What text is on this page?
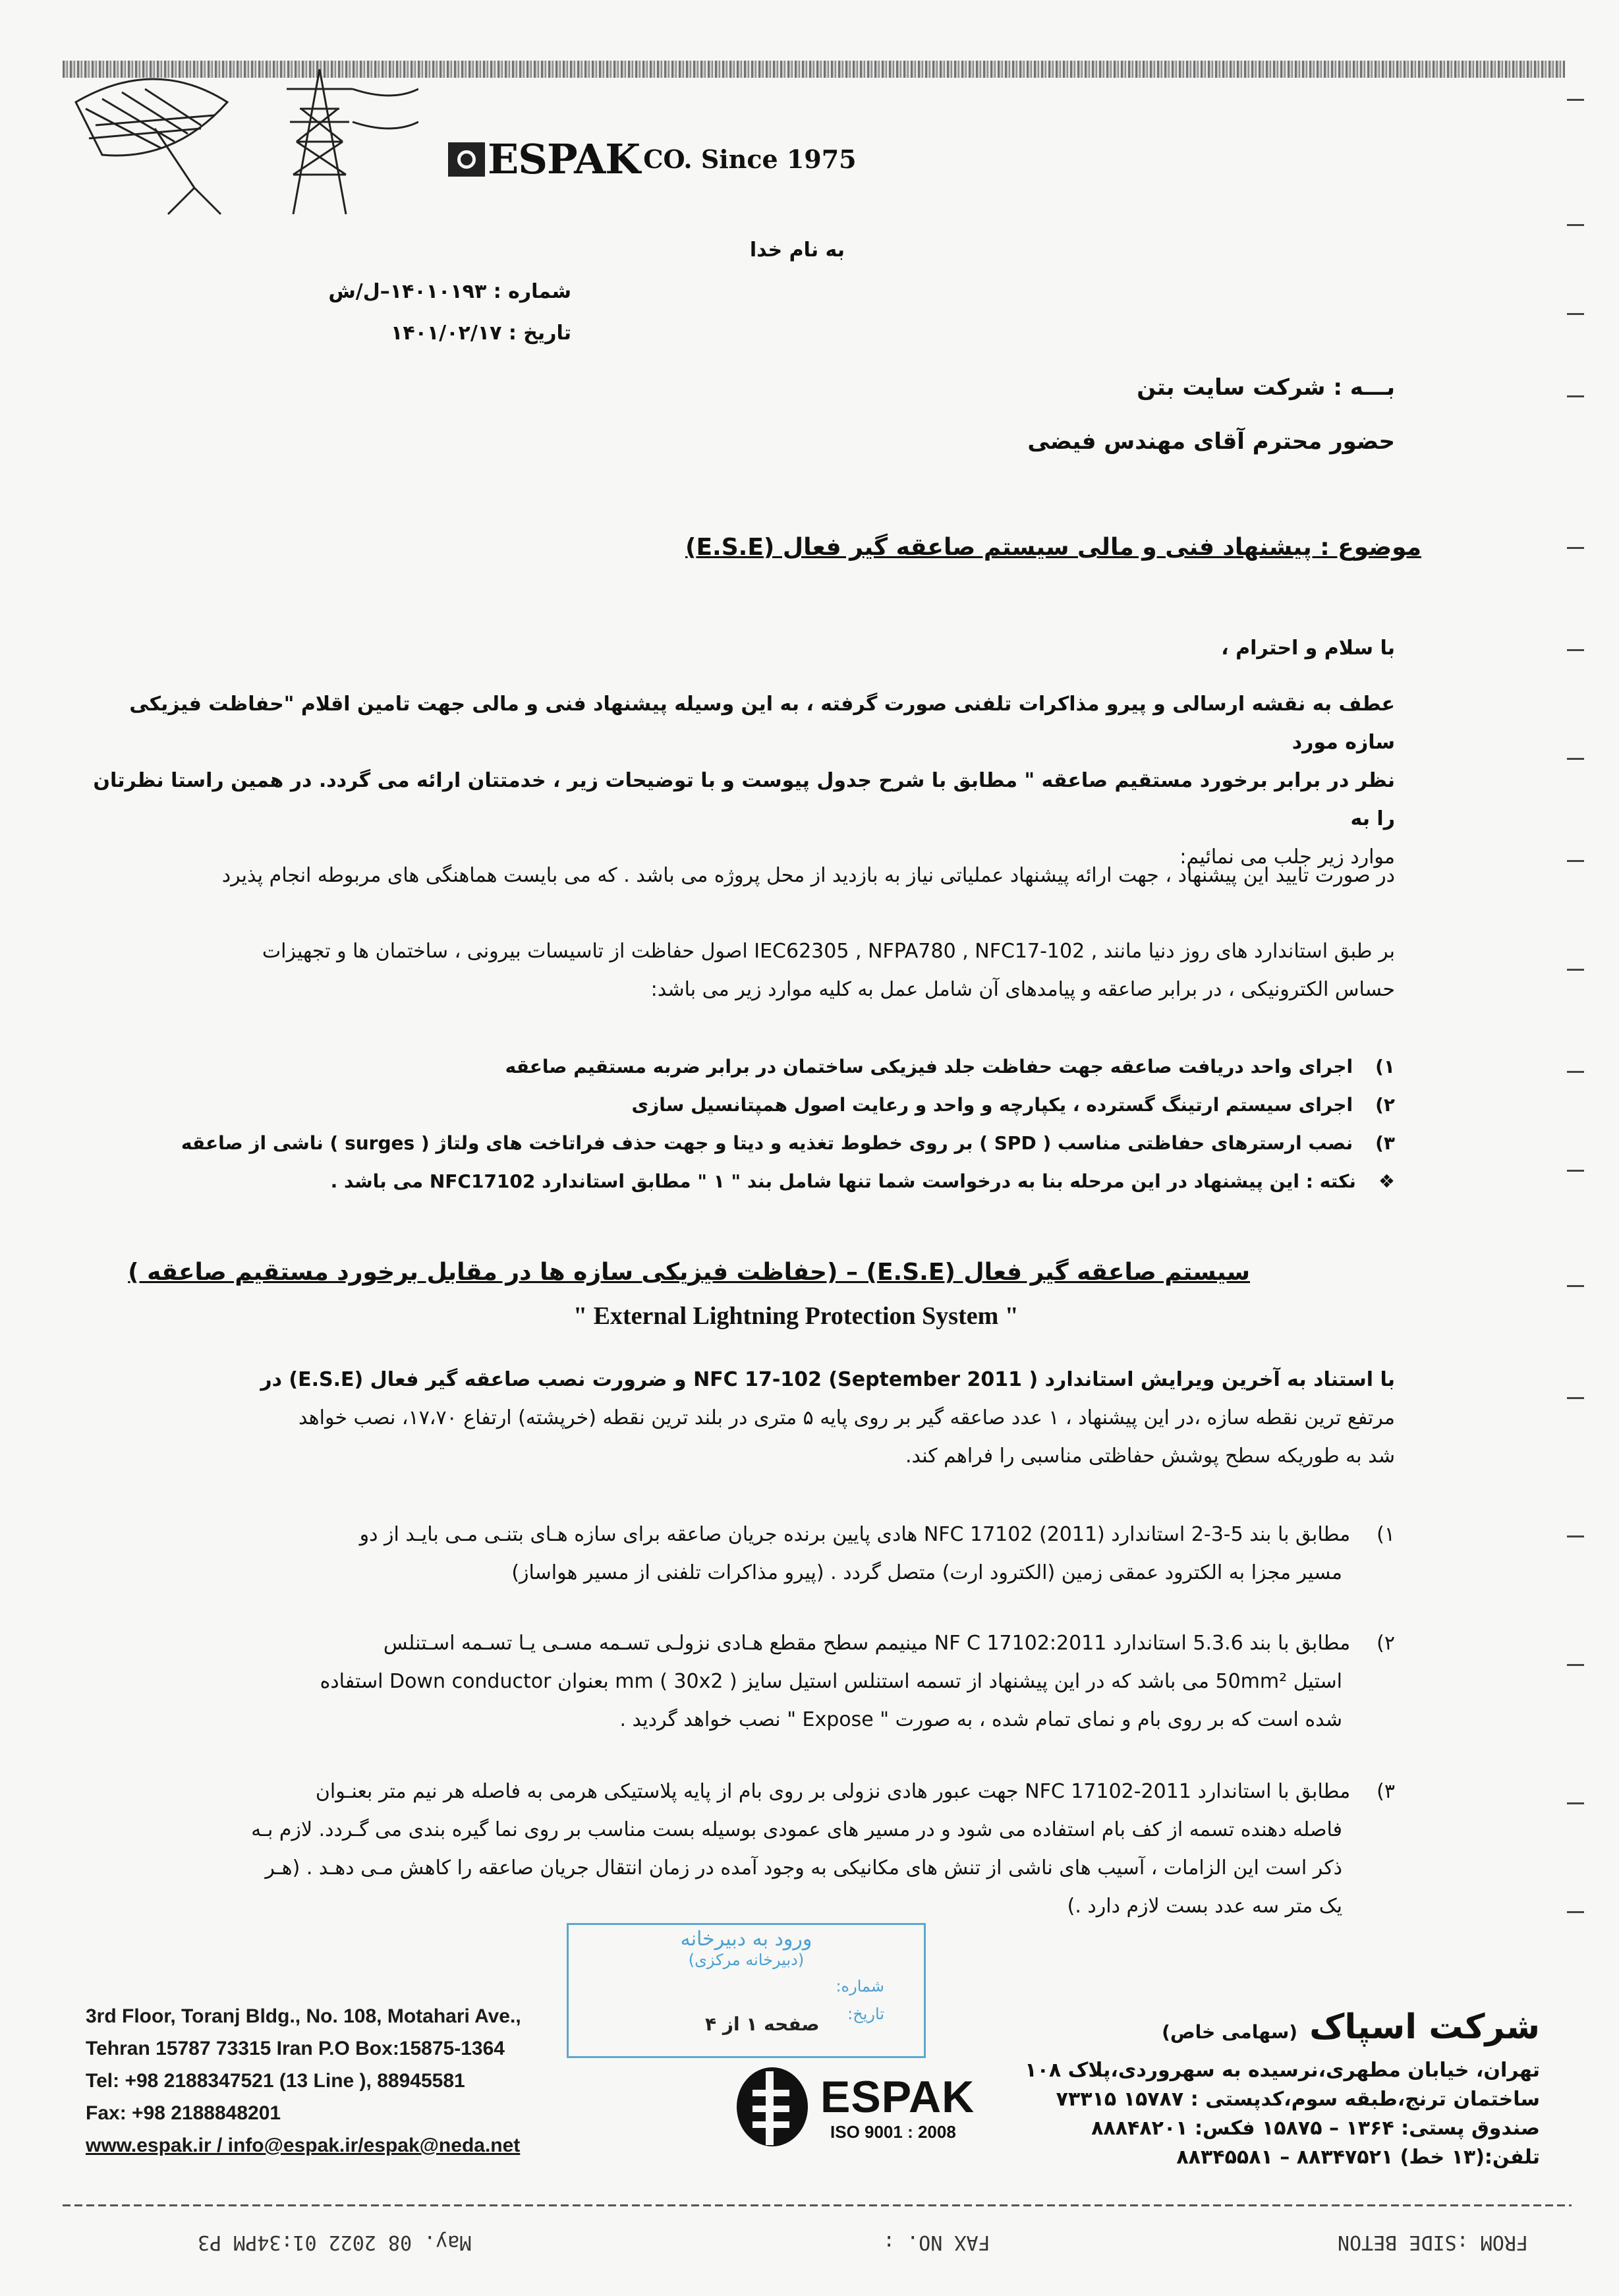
ESPAK CO. Since 1975
به نام خدا
شماره : ۱۴۰۱۰۱۹۳–ل/ش
تاریخ : ۱۴۰۱/۰۲/۱۷
بـــه : شرکت سایت بتن
حضور محترم آقای مهندس فیضی
موضوع : پیشنهاد فنی و مالی سیستم صاعقه گیر فعال (E.S.E)
با سلام و احترام ،
عطف به نقشه ارسالی و پیرو مذاکرات تلفنی صورت گرفته ، به این وسیله پیشنهاد فنی و مالی جهت تامین اقلام "حفاظت فیزیکی سازه مورد
نظر در برابر برخورد مستقیم صاعقه " مطابق با شرح جدول پیوست و با توضیحات زیر ، خدمتتان ارائه می گردد. در همین راستا نظرتان را به
موارد زیر جلب می نمائیم:
در صورت تایید این پیشنهاد ، جهت ارائه پیشنهاد عملیاتی نیاز به بازدید از محل پروژه می باشد . که می بایست هماهنگی های مربوطه انجام پذیرد
بر طبق استاندارد های روز دنیا مانند , IEC62305 , NFPA780 , NFC17-102 اصول حفاظت از تاسیسات بیرونی ، ساختمان ها و تجهیزات
حساس الکترونیکی ، در برابر صاعقه و پیامدهای آن شامل عمل به کلیه موارد زیر می باشد:
۱)اجرای واحد دریافت صاعقه جهت حفاظت جلد فیزیکی ساختمان در برابر ضربه مستقیم صاعقه
۲)اجرای سیستم ارتینگ گسترده ، یکپارچه و واحد و رعایت اصول همپتانسیل سازی
۳)نصب ارسترهای حفاظتی مناسب ( SPD ) بر روی خطوط تغذیه و دیتا و جهت حذف فراتاخت های ولتاژ ( surges ) ناشی از صاعقه
❖نکته : این پیشنهاد در این مرحله بنا به درخواست شما تنها شامل بند " ۱ " مطابق استاندارد NFC17102 می باشد .
سیستم صاعقه گیر فعال (E.S.E) – (حفاظت فیزیکی سازه ها در مقابل برخورد مستقیم صاعقه )
" External Lightning Protection System "
با استناد به آخرین ویرایش استاندارد ( September 2011) NFC 17-102 و ضرورت نصب صاعقه گیر فعال (E.S.E) در
مرتفع ترین نقطه سازه ،در این پیشنهاد ، ۱ عدد صاعقه گیر بر روی پایه ۵ متری در بلند ترین نقطه (خرپشته) ارتفاع ۱۷،۷۰، نصب خواهد
شد به طوریکه سطح پوشش حفاظتی مناسبی را فراهم کند.
۱)مطابق با بند 5-3-2 استاندارد (2011) NFC 17102 هادی پایین برنده جریان صاعقه برای سازه هـای بتنـی مـی بایـد از دو
مسیر مجزا به الکترود عمقی زمین (الکترود ارت) متصل گردد . (پیرو مذاکرات تلفنی از مسیر هواساز)
۲)مطابق با بند 5.3.6 استاندارد NF C 17102:2011 مینیمم سطح مقطع هـادی نزولـی تسـمه مسـی یـا تسـمه اسـتنلس
استیل 50mm² می باشد که در این پیشنهاد از تسمه استنلس استیل سایز mm ( 30x2 ) بعنوان Down conductor استفاده
شده است که بر روی بام و نمای تمام شده ، به صورت " Expose " نصب خواهد گردید .
۳)مطابق با استاندارد NFC 17102-2011 جهت عبور هادی نزولی بر روی بام از پایه پلاستیکی هرمی به فاصله هر نیم متر بعنـوان
فاصله دهنده تسمه از کف بام استفاده می شود و در مسیر های عمودی بوسیله بست مناسب بر روی نما گیره بندی می گـردد. لازم بـه
ذکر است این الزامات ، آسیب های ناشی از تنش های مکانیکی به وجود آمده در زمان انتقال جریان صاعقه را کاهش مـی دهـد . (هـر
یک متر سه عدد بست لازم دارد .)
ورود به دبیرخانه
(دبیرخانه مرکزی)
شماره:
تاریخ:
صفحه ۱ از ۴
3rd Floor, Toranj Bldg., No. 108, Motahari Ave.,
Tehran 15787 73315 Iran P.O Box:15875-1364
Tel: +98 2188347521 (13 Line ), 88945581
Fax: +98 2188848201
www.espak.ir / info@espak.ir/espak@neda.net
ESPAK
ISO 9001 : 2008
شرکت اسپاک (سهامی خاص)
تهران، خیابان مطهری،نرسیده به سهروردی،پلاک ۱۰۸
ساختمان ترنج،طبقه سوم،کدپستی : ۱۵۷۸۷ ۷۳۳۱۵
صندوق پستی: ۱۳۶۴ – ۱۵۸۷۵ فکس: ۸۸۸۴۸۲۰۱
تلفن:(۱۳ خط) ۸۸۳۴۷۵۲۱ – ۸۸۳۴۵۵۸۱
FROM :SIDE BETON
FAX NO. :
May. 08 2022 01:34PM P3
